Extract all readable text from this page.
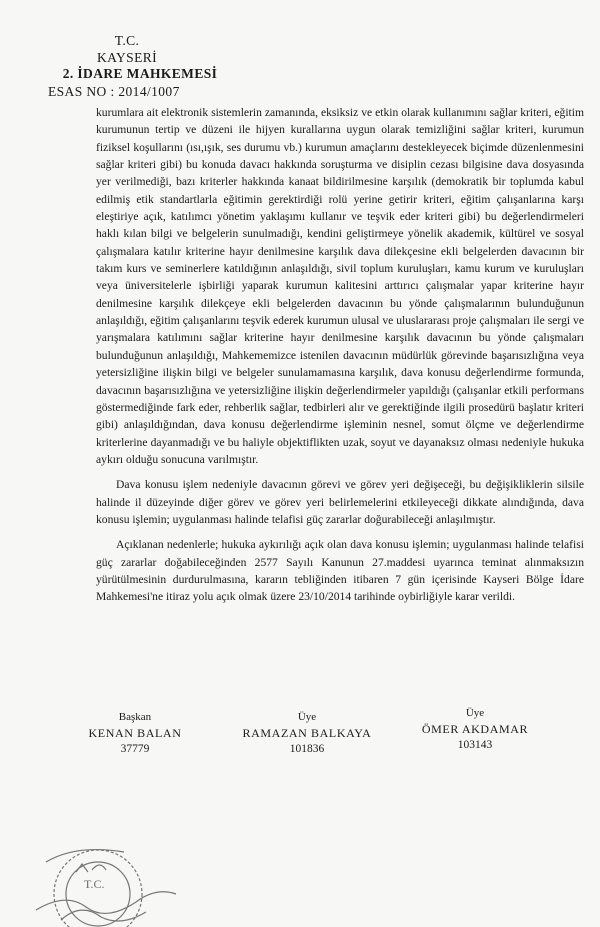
T.C.
KAYSERİ
2. İDARE MAHKEMESİ
ESAS NO : 2014/1007

kurumlara ait elektronik sistemlerin zamanında, eksiksiz ve etkin olarak kullanımını sağlar kriteri, eğitim kurumunun tertip ve düzeni ile hijyen kurallarına uygun olarak temizliğini sağlar kriteri, kurumun fiziksel koşullarını (ısı,ışık, ses durumu vb.) kurumun amaçlarını destekleyecek biçimde düzenlenmesini sağlar kriteri gibi) bu konuda davacı hakkında soruşturma ve disiplin cezası bilgisine dava dosyasında yer verilmediği, bazı kriterler hakkında kanaat bildirilmesine karşılık (demokratik bir toplumda kabul edilmiş etik standartlarla eğitimin gerektirdiği rolü yerine getirir kriteri, eğitim çalışanlarına karşı eleştiriye açık, katılımcı yönetim yaklaşımı kullanır ve teşvik eder kriteri gibi) bu değerlendirmeleri haklı kılan bilgi ve belgelerin sunulmadığı, kendini geliştirmeye yönelik akademik, kültürel ve sosyal çalışmalara katılır kriterine hayır denilmesine karşılık dava dilekçesine ekli belgelerden davacının bir takım kurs ve seminerlere katıldığının anlaşıldığı, sivil toplum kuruluşları, kamu kurum ve kuruluşları veya üniversitelerle işbirliği yaparak kurumun kalitesini arttırıcı çalışmalar yapar kriterine hayır denilmesine karşılık dilekçeye ekli belgelerden davacının bu yönde çalışmalarının bulunduğunun anlaşıldığı, eğitim çalışanlarını teşvik ederek kurumun ulusal ve uluslararası proje çalışmaları ile sergi ve yarışmalara katılımını sağlar kriterine hayır denilmesine karşılık davacının bu yönde çalışmaları bulunduğunun anlaşıldığı, Mahkememizce istenilen davacının müdürlük görevinde başarısızlığına veya yetersizliğine ilişkin bilgi ve belgeler sunulamamasına karşılık, dava konusu değerlendirme formunda, davacının başarısızlığına ve yetersizliğine ilişkin değerlendirmeler yapıldığı (çalışanlar etkili performans göstermediğinde fark eder, rehberlik sağlar, tedbirleri alır ve gerektiğinde ilgili prosedürü başlatır kriteri gibi) anlaşıldığından, dava konusu değerlendirme işleminin nesnel, somut ölçme ve değerlendirme kriterlerine dayanmadığı ve bu haliyle objektiflikten uzak, soyut ve dayanaksız olması nedeniyle hukuka aykırı olduğu sonucuna varılmıştır.

Dava konusu işlem nedeniyle davacının görevi ve görev yeri değişeceği, bu değişikliklerin silsile halinde il düzeyinde diğer görev ve görev yeri belirlemelerini etkileyeceği dikkate alındığında, dava konusu işlemin; uygulanması halinde telafisi güç zararlar doğurabileceği anlaşılmıştır.

Açıklanan nedenlerle; hukuka aykırılığı açık olan dava konusu işlemin; uygulanması halinde telafisi güç zararlar doğabileceğinden 2577 Sayılı Kanunun 27.maddesi uyarınca teminat alınmaksızın yürütülmesinin durdurulmasına, kararın tebliğinden itibaren 7 gün içerisinde Kayseri Bölge İdare Mahkemesi'ne itiraz yolu açık olmak üzere 23/10/2014 tarihinde oybirliğiyle karar verildi.

Başkan
KENAN BALAN
37779
Üye
RAMAZAN BALKAYA
101836
Üye
ÖMER AKDAMAR
103143
T.C.
